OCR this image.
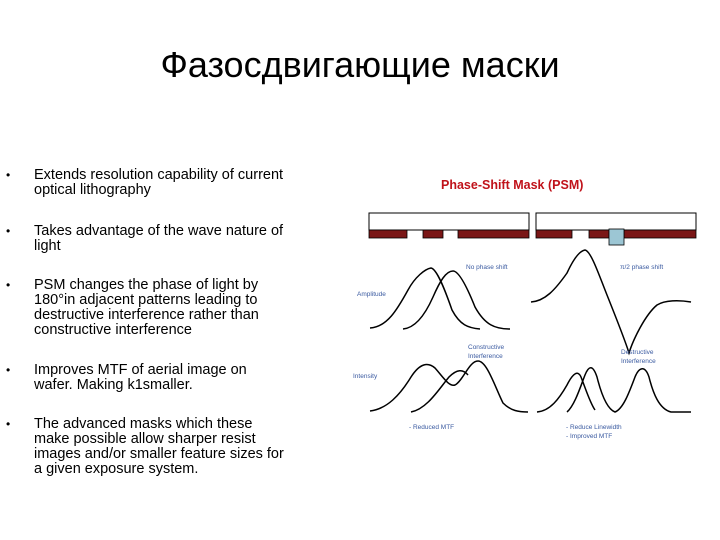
Фазосдвигающие маски
•	Extends resolution capability of current
optical lithography
•	Takes advantage of the wave nature of
light
•	PSM changes the phase of light by
180°in adjacent patterns leading to
destructive interference rather than
constructive interference
•	Improves MTF of aerial image on
wafer. Making k1smaller.
•	The advanced masks which these
make possible allow sharper resist
images and/or smaller feature sizes for
a given exposure system.
Phase-Shift Mask (PSM)
No phase shift	π/2 phase shift
Amplitude
Intensity
Constructive
Interference
Destructive
Interference
- Reduced MTF	- Reduce Linewidth
- Improved MTF
